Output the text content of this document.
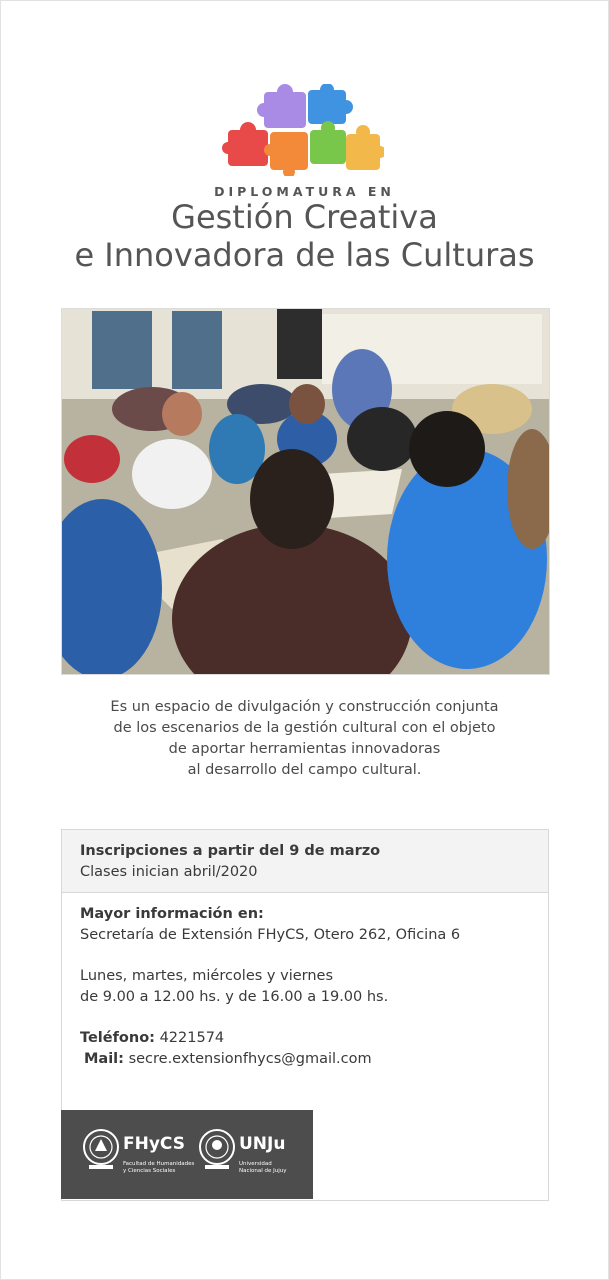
DIPLOMATURA EN
Gestión Creativa
e Innovadora de las Culturas
Es un espacio de divulgación y construcción conjunta
de los escenarios de la gestión cultural con el objeto
de aportar herramientas innovadoras
al desarrollo del campo cultural.
Inscripciones a partir del 9 de marzo
Clases inician abril/2020
Mayor información en:
Secretaría de Extensión FHyCS, Otero 262, Oficina 6
Lunes, martes, miércoles y viernes
de 9.00 a 12.00 hs. y de 16.00 a 19.00 hs.
Teléfono: 4221574
Mail: secre.extensionfhycs@gmail.com
FHyCS
Facultad de Humanidades
y Ciencias Sociales
UNJu
Universidad
Nacional de Jujuy
